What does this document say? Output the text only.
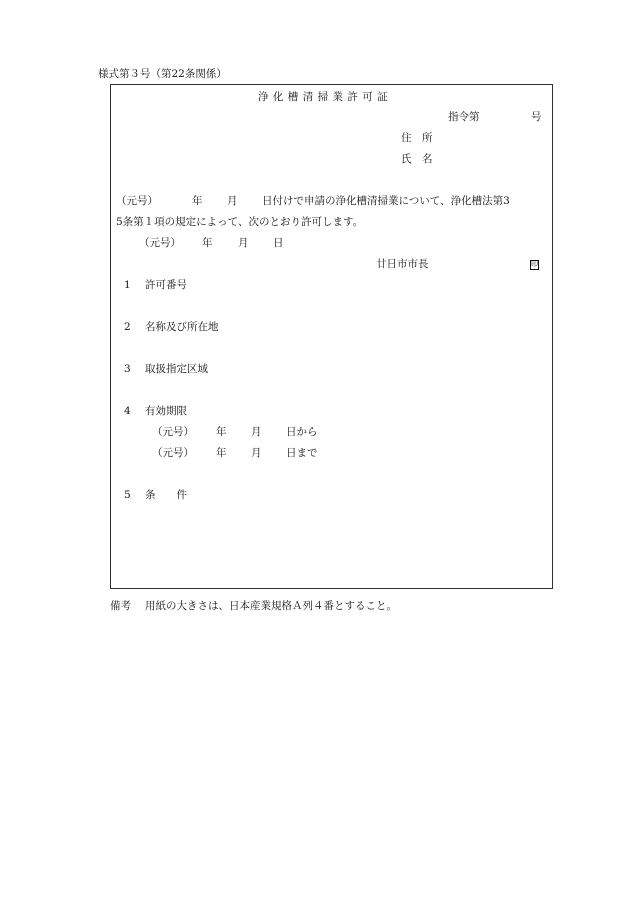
様式第３号（第22条関係）
浄化槽清掃業許可証
指令第	号
住　所
氏　名
（元号）	年 月 日付けで申請の浄化槽清掃業について、浄化槽法第3
5条第１項の規定によって、次のとおり許可します。
（元号） 年 月 日
廿日市市長	印
1 許可番号
2 名称及び所在地
3 取扱指定区域
4 有効期限
（元号） 年 月 日から
（元号） 年 月 日まで
5 条　　件
備考 用紙の大きさは、日本産業規格Ａ列４番とすること。
